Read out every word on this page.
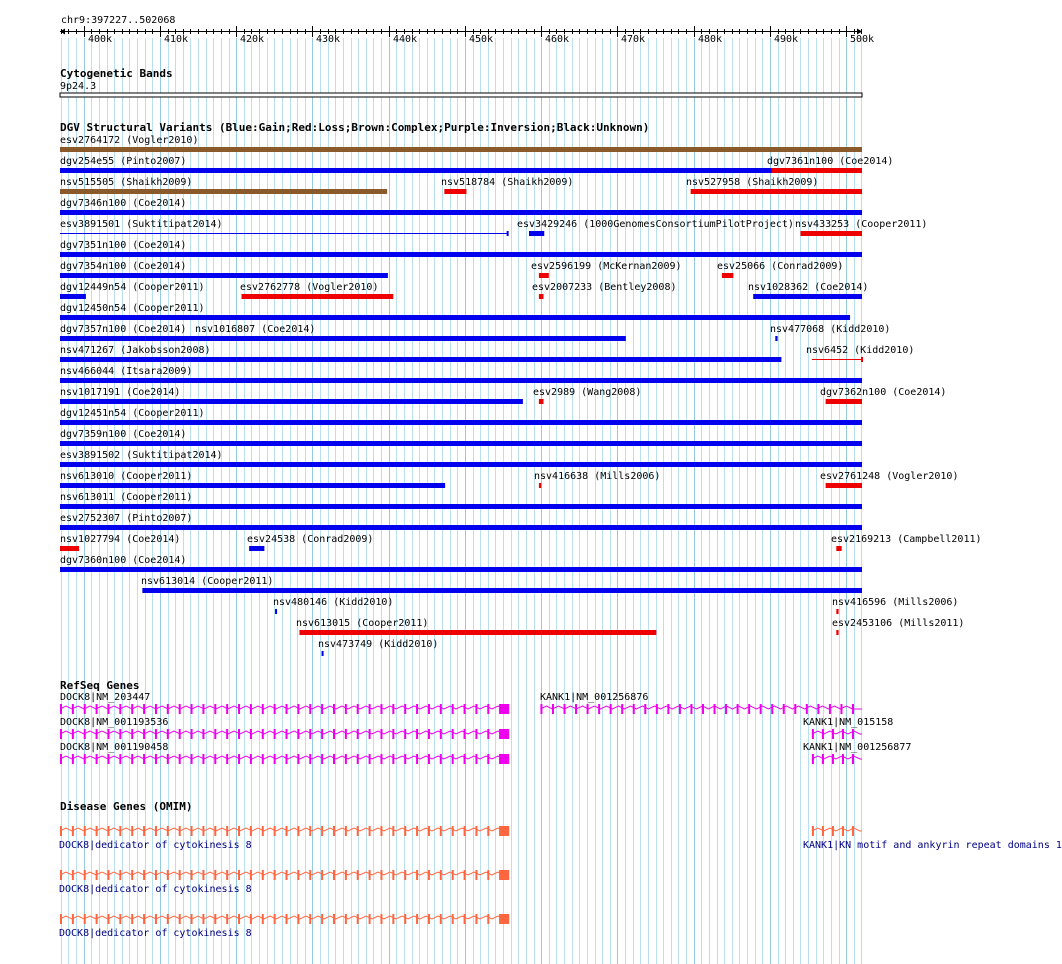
chr9:397227..502068
Cytogenetic Bands
9p24.3
DGV Structural Variants (Blue:Gain;Red:Loss;Brown:Complex;Purple:Inversion;Black:Unknown)
RefSeq Genes
Disease Genes (OMIM)
esv2764172 (Vogler2010)
dgv254e55 (Pinto2007)	dgv7361n100 (Coe2014)
nsv515505 (Shaikh2009)	nsv518784 (Shaikh2009)	nsv527958 (Shaikh2009)
dgv7346n100 (Coe2014)
esv3891501 (Suktitipat2014)	esv3429246 (1000GenomesConsortiumPilotProject) nsv433253 (Cooper2011)
dgv7351n100 (Coe2014)
dgv7354n100 (Coe2014)	esv2596199 (McKernan2009)	esv25066 (Conrad2009)
dgv12449n54 (Cooper2011)	esv2762778 (Vogler2010)	esv2007233 (Bentley2008)	nsv1028362 (Coe2014)
dgv12450n54 (Cooper2011)
dgv7357n100 (Coe2014) nsv1016807 (Coe2014)	nsv477068 (Kidd2010)
nsv471267 (Jakobsson2008)	nsv6452 (Kidd2010)
nsv466044 (Itsara2009)
nsv1017191 (Coe2014)	esv2989 (Wang2008)	dgv7362n100 (Coe2014)
dgv12451n54 (Cooper2011)
dgv7359n100 (Coe2014)
esv3891502 (Suktitipat2014)
nsv613010 (Cooper2011)	nsv416638 (Mills2006)	esv2761248 (Vogler2010)
nsv613011 (Cooper2011)
esv2752307 (Pinto2007)
nsv1027794 (Coe2014)	esv24538 (Conrad2009)	esv2169213 (Campbell2011)
dgv7360n100 (Coe2014)
nsv613014 (Cooper2011)
nsv480146 (Kidd2010)	nsv416596 (Mills2006)
nsv613015 (Cooper2011)	esv2453106 (Mills2011)
nsv473749 (Kidd2010)
DOCK8|NM_203447	KANK1|NM_001256876
DOCK8|NM_001193536	KANK1|NM_015158
DOCK8|NM_001190458	KANK1|NM_001256877
DOCK8|dedicator of cytokinesis 8	KANK1|KN motif and ankyrin repeat domains 1
DOCK8|dedicator of cytokinesis 8
DOCK8|dedicator of cytokinesis 8
400k	410k	420k	430k	440k	450k	460k	470k	480k	490k	500k
